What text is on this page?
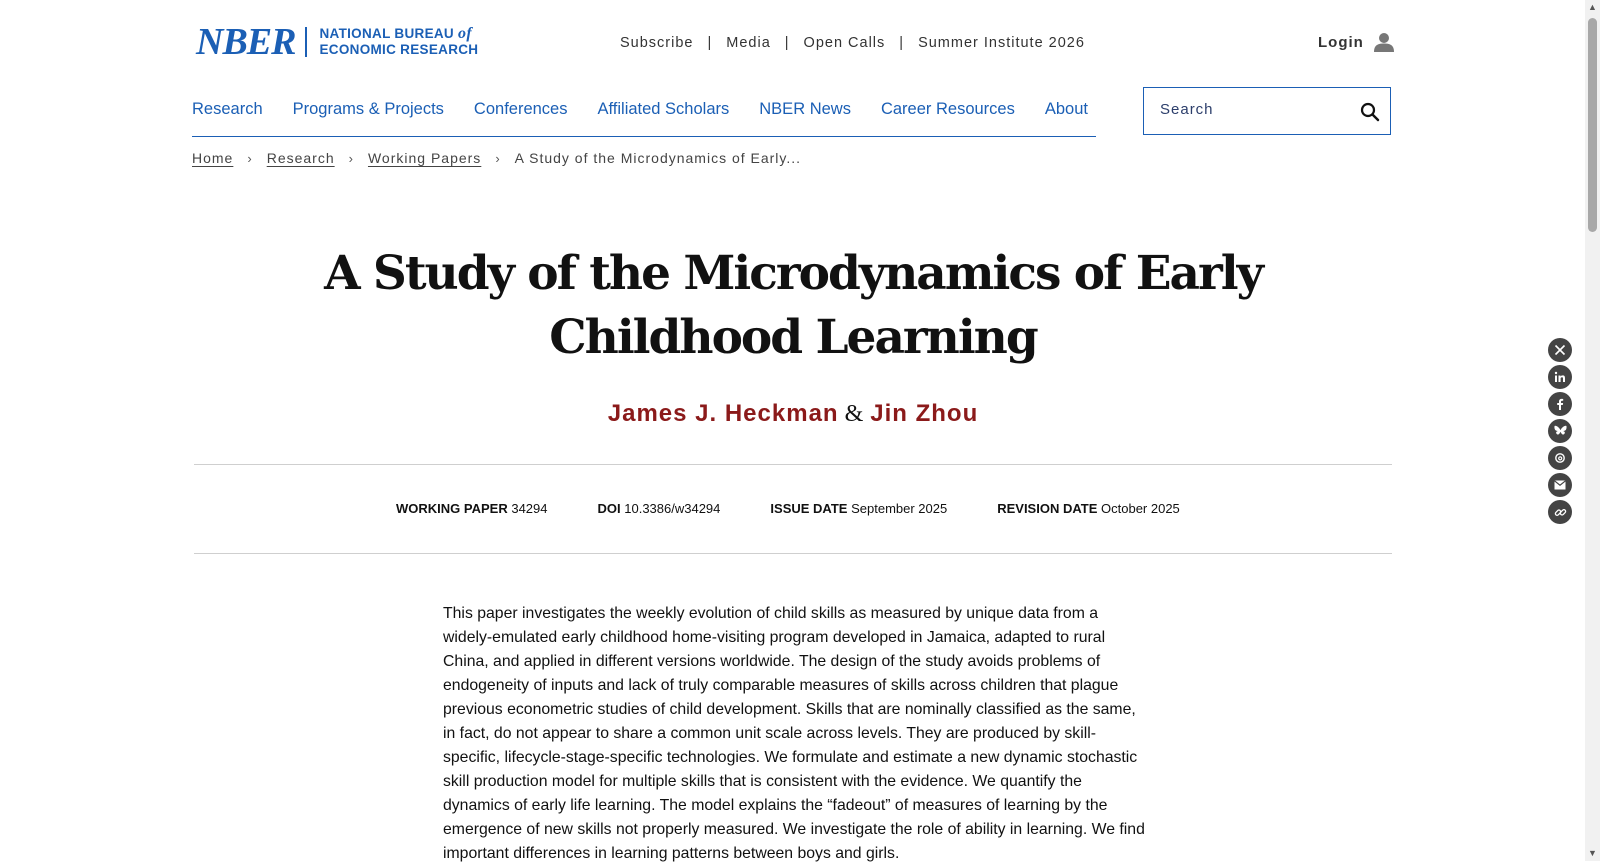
NBER NATIONAL BUREAU of
ECONOMIC RESEARCH	Subscribe | Media | Open Calls | Summer Institute 2026	Login
Research Programs & Projects Conferences Affiliated Scholars NBER News Career Resources About
Search
Home › Research › Working Papers › A Study of the Microdynamics of Early...
A Study of the Microdynamics of Early
Childhood Learning
James J. Heckman & Jin Zhou
WORKING PAPER 34294	DOI 10.3386/w34294	ISSUE DATE September 2025	REVISION DATE October 2025

This paper investigates the weekly evolution of child skills as measured by unique data from a widely-emulated early childhood home-visiting program developed in Jamaica, adapted to rural China, and applied in different versions worldwide. The design of the study avoids problems of endogeneity of inputs and lack of truly comparable measures of skills across children that plague previous econometric studies of child development. Skills that are nominally classified as the same, in fact, do not appear to share a common unit scale across levels. They are produced by skill-specific, lifecycle-stage-specific technologies. We formulate and estimate a new dynamic stochastic skill production model for multiple skills that is consistent with the evidence. We quantify the dynamics of early life learning. The model explains the “fadeout” of measures of learning by the emergence of new skills not properly measured. We investigate the role of ability in learning. We find important differences in learning patterns between boys and girls.

▲
▼
